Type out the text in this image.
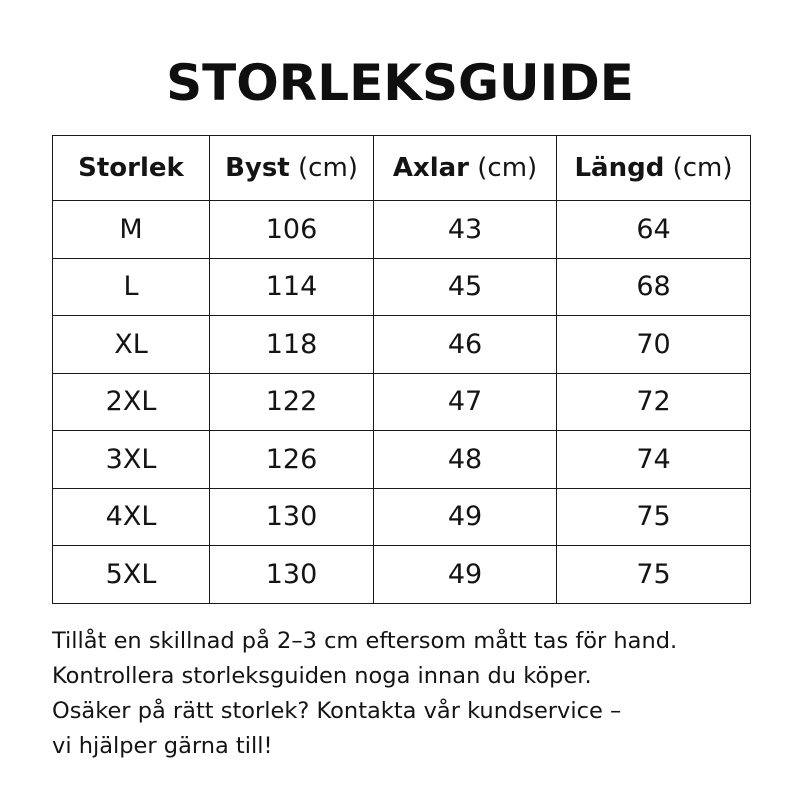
STORLEKSGUIDE
Storlek	Byst (cm)	Axlar (cm)	Längd (cm)
M	106	43	64
L	114	45	68
XL	118	46	70
2XL	122	47	72
3XL	126	48	74
4XL	130	49	75
5XL	130	49	75
Tillåt en skillnad på 2–3 cm eftersom mått tas för hand.
Kontrollera storleksguiden noga innan du köper.
Osäker på rätt storlek? Kontakta vår kundservice –
vi hjälper gärna till!
